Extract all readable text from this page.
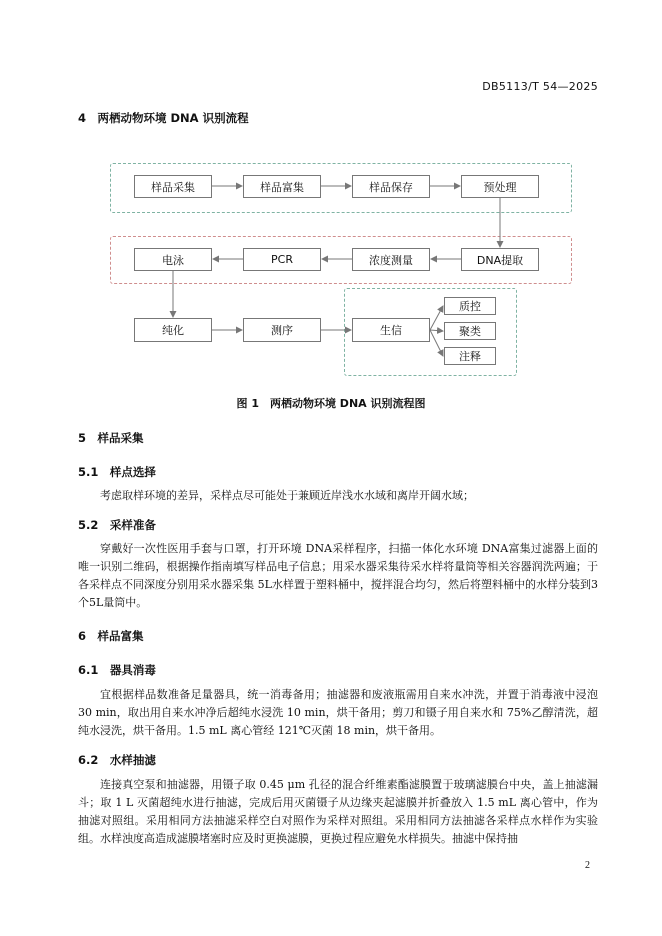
DB5113/T 54—2025
4　两栖动物环境 DNA 识别流程
样品采集	样品富集	样品保存	预处理
电泳	PCR	浓度测量	DNA提取
纯化	测序	生信
质控
聚类
注释
图 1　两栖动物环境 DNA 识别流程图
5　样品采集
5.1　样点选择
考虑取样环境的差异，采样点尽可能处于兼顾近岸浅水水域和离岸开阔水域；
5.2　采样准备
穿戴好一次性医用手套与口罩，打开环境 DNA采样程序，扫描一体化水环境 DNA富集过滤器上面的唯一识别二维码，根据操作指南填写样品电子信息；用采水器采集待采水样将量筒等相关容器润洗两遍；于各采样点不同深度分别用采水器采集 5L水样置于塑料桶中，搅拌混合均匀，然后将塑料桶中的水样分装到3个5L量筒中。
6　样品富集
6.1　器具消毒
宜根据样品数准备足量器具，统一消毒备用；抽滤器和废液瓶需用自来水冲洗，并置于消毒液中浸泡 30 min，取出用自来水冲净后超纯水浸洗 10 min，烘干备用；剪刀和镊子用自来水和 75%乙醇清洗，超纯水浸洗，烘干备用。1.5 mL 离心管经 121℃灭菌 18 min，烘干备用。
6.2　水样抽滤
连接真空泵和抽滤器，用镊子取 0.45 μm 孔径的混合纤维素酯滤膜置于玻璃滤膜台中央，盖上抽滤漏斗；取 1 L 灭菌超纯水进行抽滤，完成后用灭菌镊子从边缘夹起滤膜并折叠放入 1.5 mL 离心管中，作为抽滤对照组。采用相同方法抽滤采样空白对照作为采样对照组。采用相同方法抽滤各采样点水样作为实验组。水样浊度高造成滤膜堵塞时应及时更换滤膜，更换过程应避免水样损失。抽滤中保持抽
2
